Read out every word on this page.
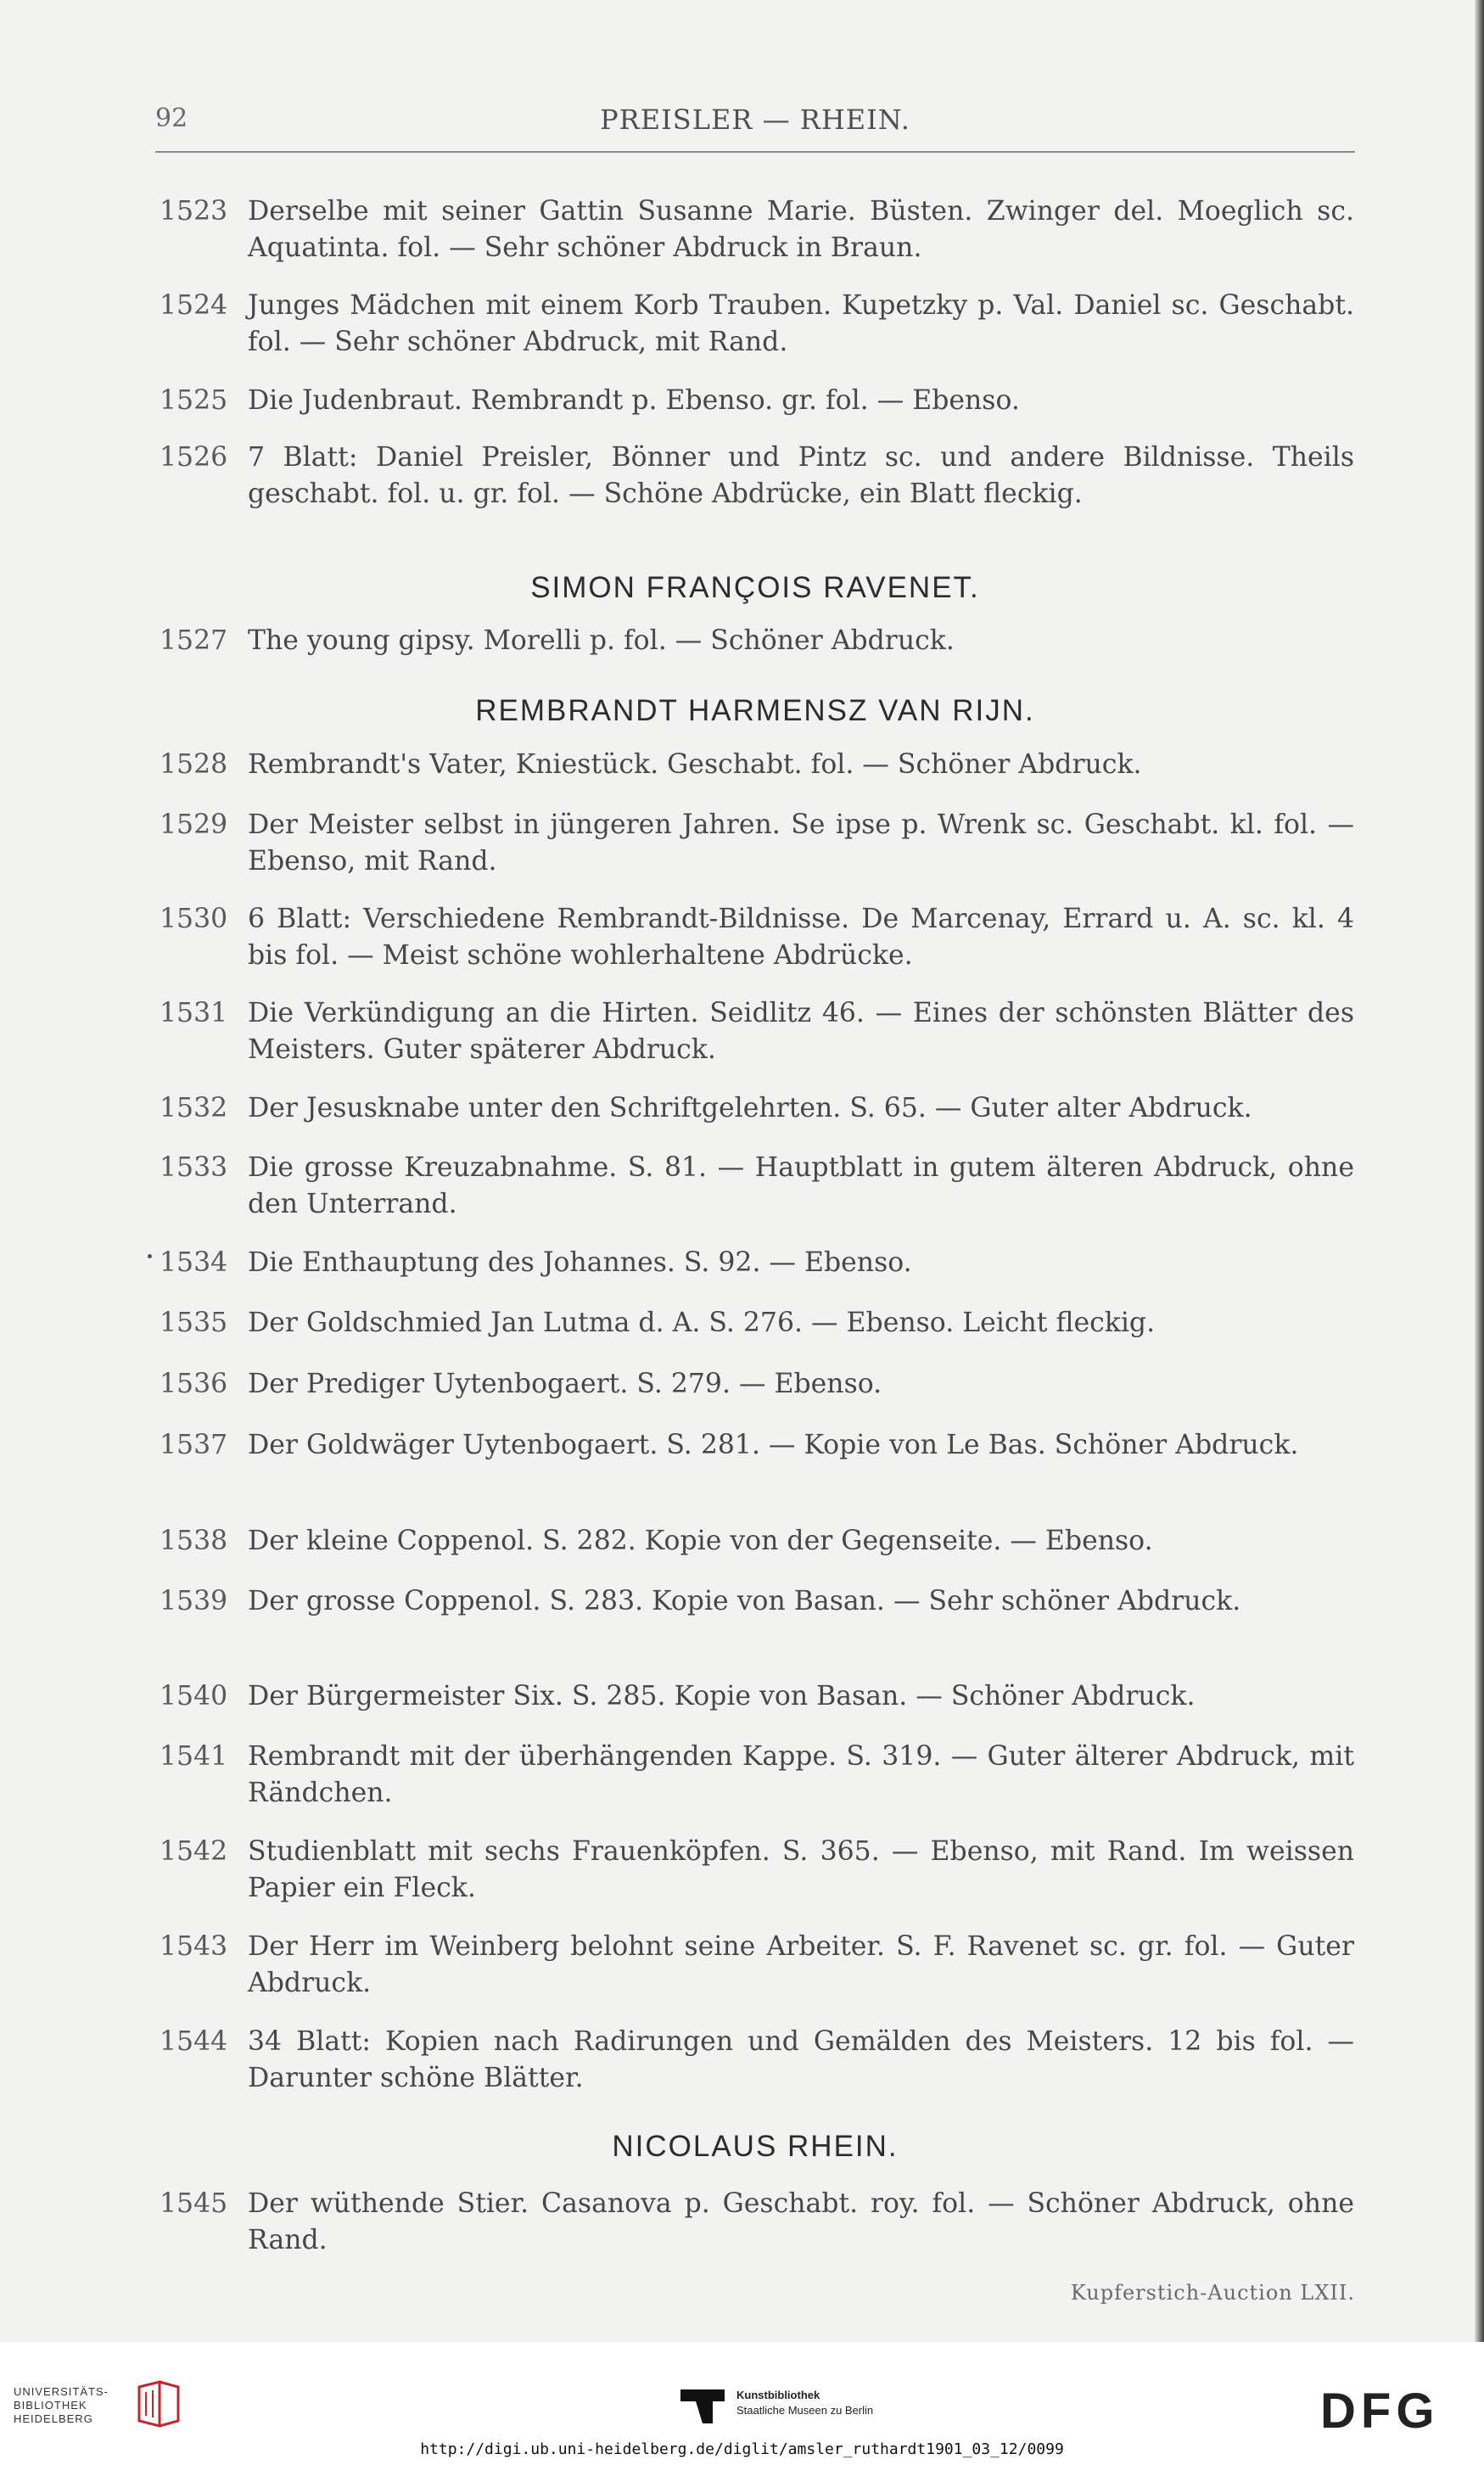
92	PREISLER — RHEIN.
1523 Derselbe mit seiner Gattin Susanne Marie. Büsten. Zwinger del. Moeglich sc. Aquatinta. fol. — Sehr schöner Abdruck in Braun.
1524 Junges Mädchen mit einem Korb Trauben. Kupetzky p. Val. Daniel sc. Geschabt. fol. — Sehr schöner Abdruck, mit Rand.
1525 Die Judenbraut. Rembrandt p. Ebenso. gr. fol. — Ebenso.
1526 7 Blatt: Daniel Preisler, Bönner und Pintz sc. und andere Bildnisse. Theils geschabt. fol. u. gr. fol. — Schöne Abdrücke, ein Blatt fleckig.
SIMON FRANÇOIS RAVENET.
1527 The young gipsy. Morelli p. fol. — Schöner Abdruck.
REMBRANDT HARMENSZ VAN RIJN.
1528 Rembrandt's Vater, Kniestück. Geschabt. fol. — Schöner Abdruck.
1529 Der Meister selbst in jüngeren Jahren. Se ipse p. Wrenk sc. Geschabt. kl. fol. — Ebenso, mit Rand.
1530 6 Blatt: Verschiedene Rembrandt-Bildnisse. De Marcenay, Errard u. A. sc. kl. 4 bis fol. — Meist schöne wohlerhaltene Abdrücke.
1531 Die Verkündigung an die Hirten. Seidlitz 46. — Eines der schönsten Blätter des Meisters. Guter späterer Abdruck.
1532 Der Jesusknabe unter den Schriftgelehrten. S. 65. — Guter alter Abdruck.
1533 Die grosse Kreuzabnahme. S. 81. — Hauptblatt in gutem älteren Abdruck, ohne den Unterrand.
1534 Die Enthauptung des Johannes. S. 92. — Ebenso.
1535 Der Goldschmied Jan Lutma d. A. S. 276. — Ebenso. Leicht fleckig.
1536 Der Prediger Uytenbogaert. S. 279. — Ebenso.
1537 Der Goldwäger Uytenbogaert. S. 281. — Kopie von Le Bas. Schöner Abdruck.
1538 Der kleine Coppenol. S. 282. Kopie von der Gegenseite. — Ebenso.
1539 Der grosse Coppenol. S. 283. Kopie von Basan. — Sehr schöner Abdruck.
1540 Der Bürgermeister Six. S. 285. Kopie von Basan. — Schöner Abdruck.
1541 Rembrandt mit der überhängenden Kappe. S. 319. — Guter älterer Abdruck, mit Rändchen.
1542 Studienblatt mit sechs Frauenköpfen. S. 365. — Ebenso, mit Rand. Im weissen Papier ein Fleck.
1543 Der Herr im Weinberg belohnt seine Arbeiter. S. F. Ravenet sc. gr. fol. — Guter Abdruck.
1544 34 Blatt: Kopien nach Radirungen und Gemälden des Meisters. 12 bis fol. — Darunter schöne Blätter.
NICOLAUS RHEIN.
1545 Der wüthende Stier. Casanova p. Geschabt. roy. fol. — Schöner Abdruck, ohne Rand.
Kupferstich-Auction LXII.
UNIVERSITÄTS-
BIBLIOTHEK
HEIDELBERG
Kunstbibliothek
Staatliche Museen zu Berlin	DFG
http://digi.ub.uni-heidelberg.de/diglit/amsler_ruthardt1901_03_12/0099
